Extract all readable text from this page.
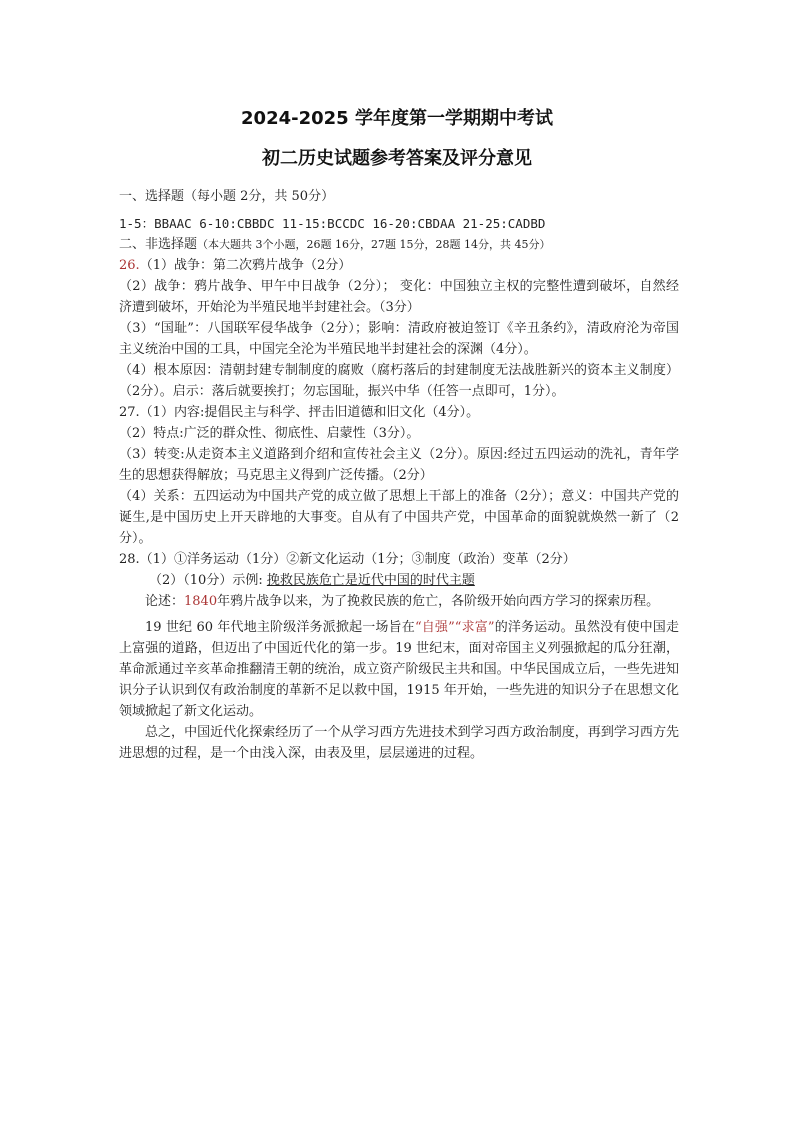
2024-2025 学年度第一学期期中考试
初二历史试题参考答案及评分意见
一、选择题（每小题 2分，共 50分）
1-5：BBAAC 6-10:CBBDC 11-15:BCCDC 16-20:CBDAA 21-25:CADBD
二、非选择题（本大题共 3个小题，26题 16分，27题 15分，28题 14分，共 45分）
26.（1）战争：第二次鸦片战争（2分）
（2）战争：鸦片战争、甲午中日战争（2分）； 变化：中国独立主权的完整性遭到破坏，自然经济遭到破坏，开始沦为半殖民地半封建社会。（3分）
（3）“国耻”：八国联军侵华战争（2分）；影响：清政府被迫签订《辛丑条约》，清政府沦为帝国主义统治中国的工具，中国完全沦为半殖民地半封建社会的深渊（4分）。
（4）根本原因：清朝封建专制制度的腐败（腐朽落后的封建制度无法战胜新兴的资本主义制度）（2分）。启示：落后就要挨打；勿忘国耻，振兴中华（任答一点即可，1分）。
27.（1）内容:提倡民主与科学、抨击旧道德和旧文化（4分）。
（2）特点:广泛的群众性、彻底性、启蒙性（3分）。
（3）转变:从走资本主义道路到介绍和宣传社会主义（2分）。原因:经过五四运动的洗礼，青年学生的思想获得解放；马克思主义得到广泛传播。（2分）
（4）关系：五四运动为中国共产党的成立做了思想上干部上的准备（2分）；意义：中国共产党的诞生,是中国历史上开天辟地的大事变。自从有了中国共产党，中国革命的面貌就焕然一新了（2分）。
28.（1）①洋务运动（1分）②新文化运动（1分；③制度（政治）变革（2分）
（2）（10分）示例: 挽救民族危亡是近代中国的时代主题
论述：1840年鸦片战争以来，为了挽救民族的危亡，各阶级开始向西方学习的探索历程。
19 世纪 60 年代地主阶级洋务派掀起一场旨在“自强”“求富”的洋务运动。虽然没有使中国走上富强的道路，但迈出了中国近代化的第一步。19 世纪末，面对帝国主义列强掀起的瓜分狂潮，革命派通过辛亥革命推翻清王朝的统治，成立资产阶级民主共和国。中华民国成立后，一些先进知识分子认识到仅有政治制度的革新不足以救中国，1915 年开始，一些先进的知识分子在思想文化领域掀起了新文化运动。
总之，中国近代化探索经历了一个从学习西方先进技术到学习西方政治制度，再到学习西方先进思想的过程，是一个由浅入深，由表及里，层层递进的过程。
